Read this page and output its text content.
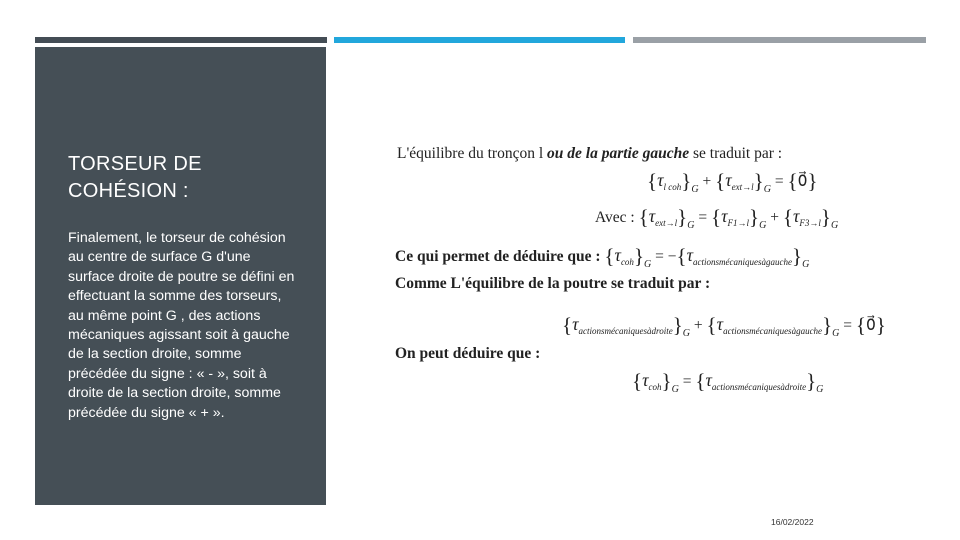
TORSEUR DE COHÉSION :
Finalement, le torseur de cohésion au centre de surface G d'une surface droite de poutre se défini en effectuant la somme des torseurs, au même point G , des actions mécaniques agissant soit à gauche de la section droite, somme précédée du signe : « - », soit à droite de la section droite, somme précédée du signe « + ».
L'équilibre du tronçon l ou de la partie gauche se traduit par :
$\{\tau_{l coh}\}_G + \{\tau_{ext\to l}\}_G$ = {0⃗}
Avec : $\{\tau_{ext\to l}\}_G = \{\tau_{F1\to l}\}_G + \{\tau_{F3\to l}\}_G$
Ce qui permet de déduire que : $\{\tau_{coh}\}_G = -\{\tau_{actionsmécaniquesàgauche}\}_G$
Comme L'équilibre de la poutre se traduit par :
$\{\tau_{actionsmécaniquesàdroite}\}_G + \{\tau_{actionsmécaniquesàgauche}\}_G$ = {0⃗}
On peut déduire que :
$\{\tau_{coh}\}_G = \{\tau_{actionsmécaniquesàdroite}\}_G$
16/02/2022
